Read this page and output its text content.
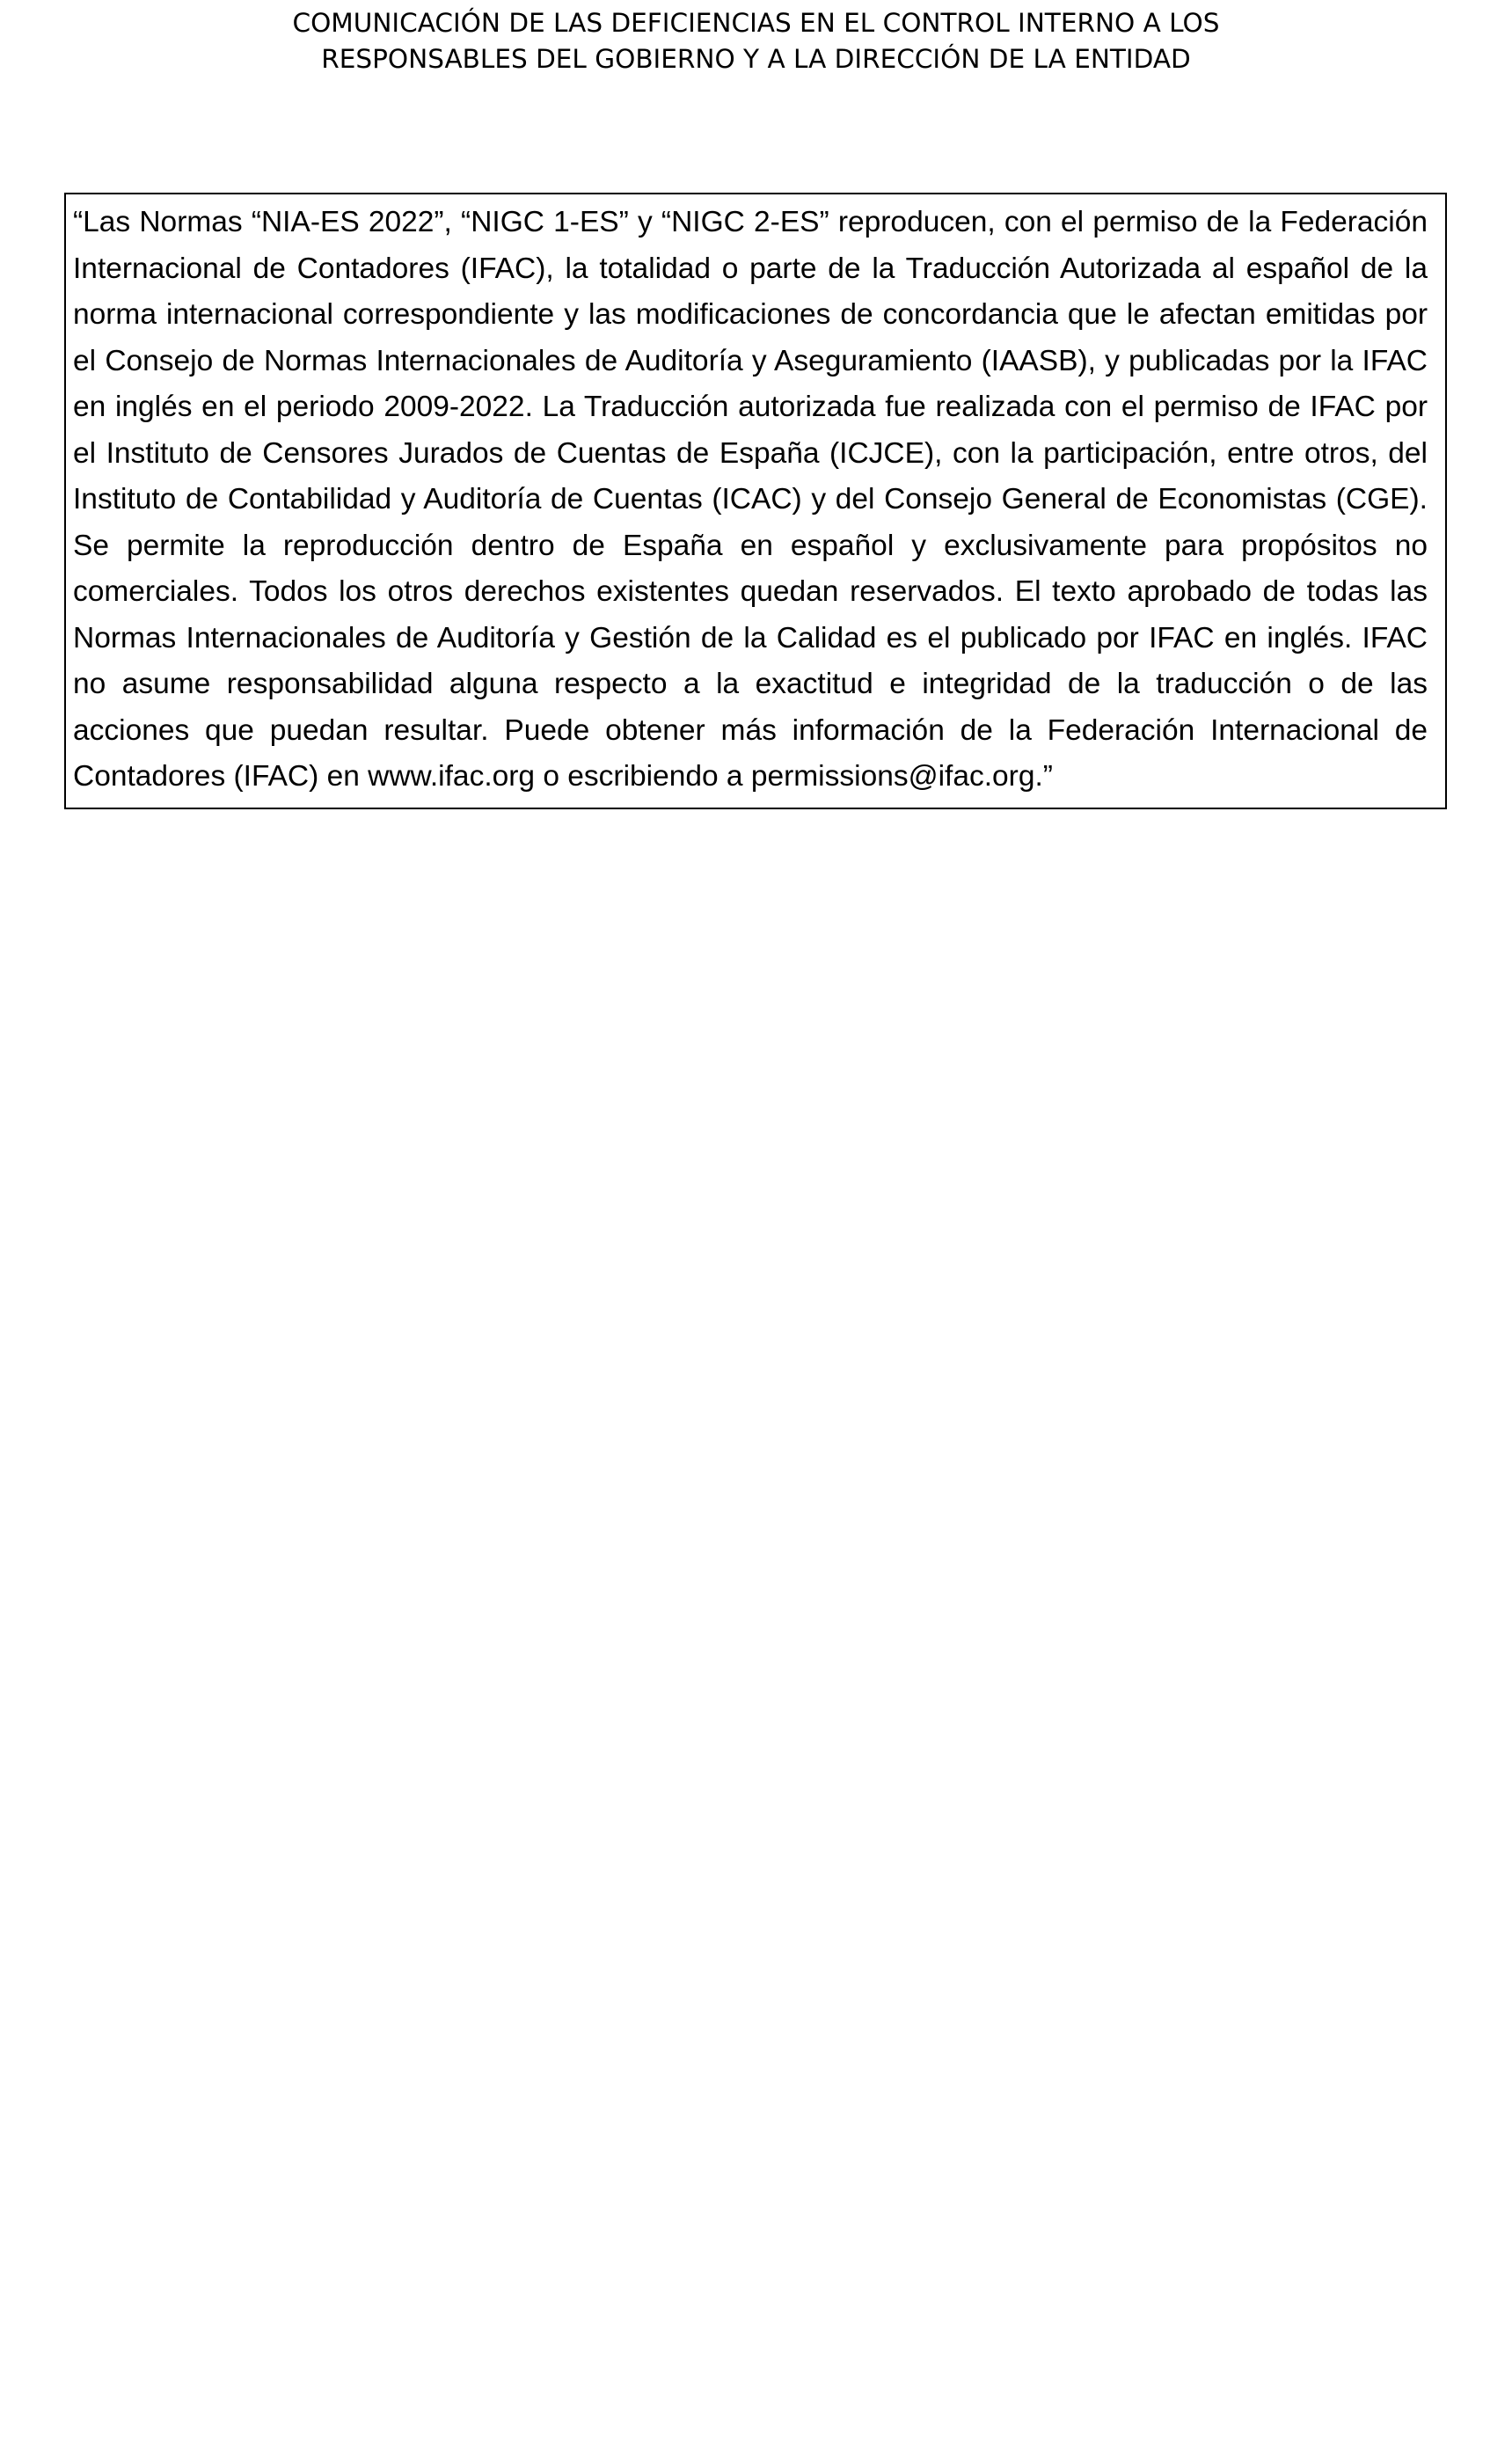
COMUNICACIÓN DE LAS DEFICIENCIAS EN EL CONTROL INTERNO A LOS
RESPONSABLES DEL GOBIERNO Y A LA DIRECCIÓN DE LA ENTIDAD

“Las Normas “NIA-ES 2022”, “NIGC 1-ES” y “NIGC 2-ES” reproducen, con el permiso de la Federación Internacional de Contadores (IFAC), la totalidad o parte de la Traducción Autorizada al español de la norma internacional correspondiente y las modificaciones de concordancia que le afectan emitidas por el Consejo de Normas Internacionales de Auditoría y Aseguramiento (IAASB), y publicadas por la IFAC en inglés en el periodo 2009-2022. La Traducción autorizada fue realizada con el permiso de IFAC por el Instituto de Censores Jurados de Cuentas de España (ICJCE), con la participación, entre otros, del Instituto de Contabilidad y Auditoría de Cuentas (ICAC) y del Consejo General de Economistas (CGE). Se permite la reproducción dentro de España en español y exclusivamente para propósitos no comerciales. Todos los otros derechos existentes quedan reservados. El texto aprobado de todas las Normas Internacionales de Auditoría y Gestión de la Calidad es el publicado por IFAC en inglés. IFAC no asume responsabilidad alguna respecto a la exactitud e integridad de la traducción o de las acciones que puedan resultar. Puede obtener más información de la Federación Internacional de Contadores (IFAC) en www.ifac.org o escribiendo a permissions@ifac.org.”
